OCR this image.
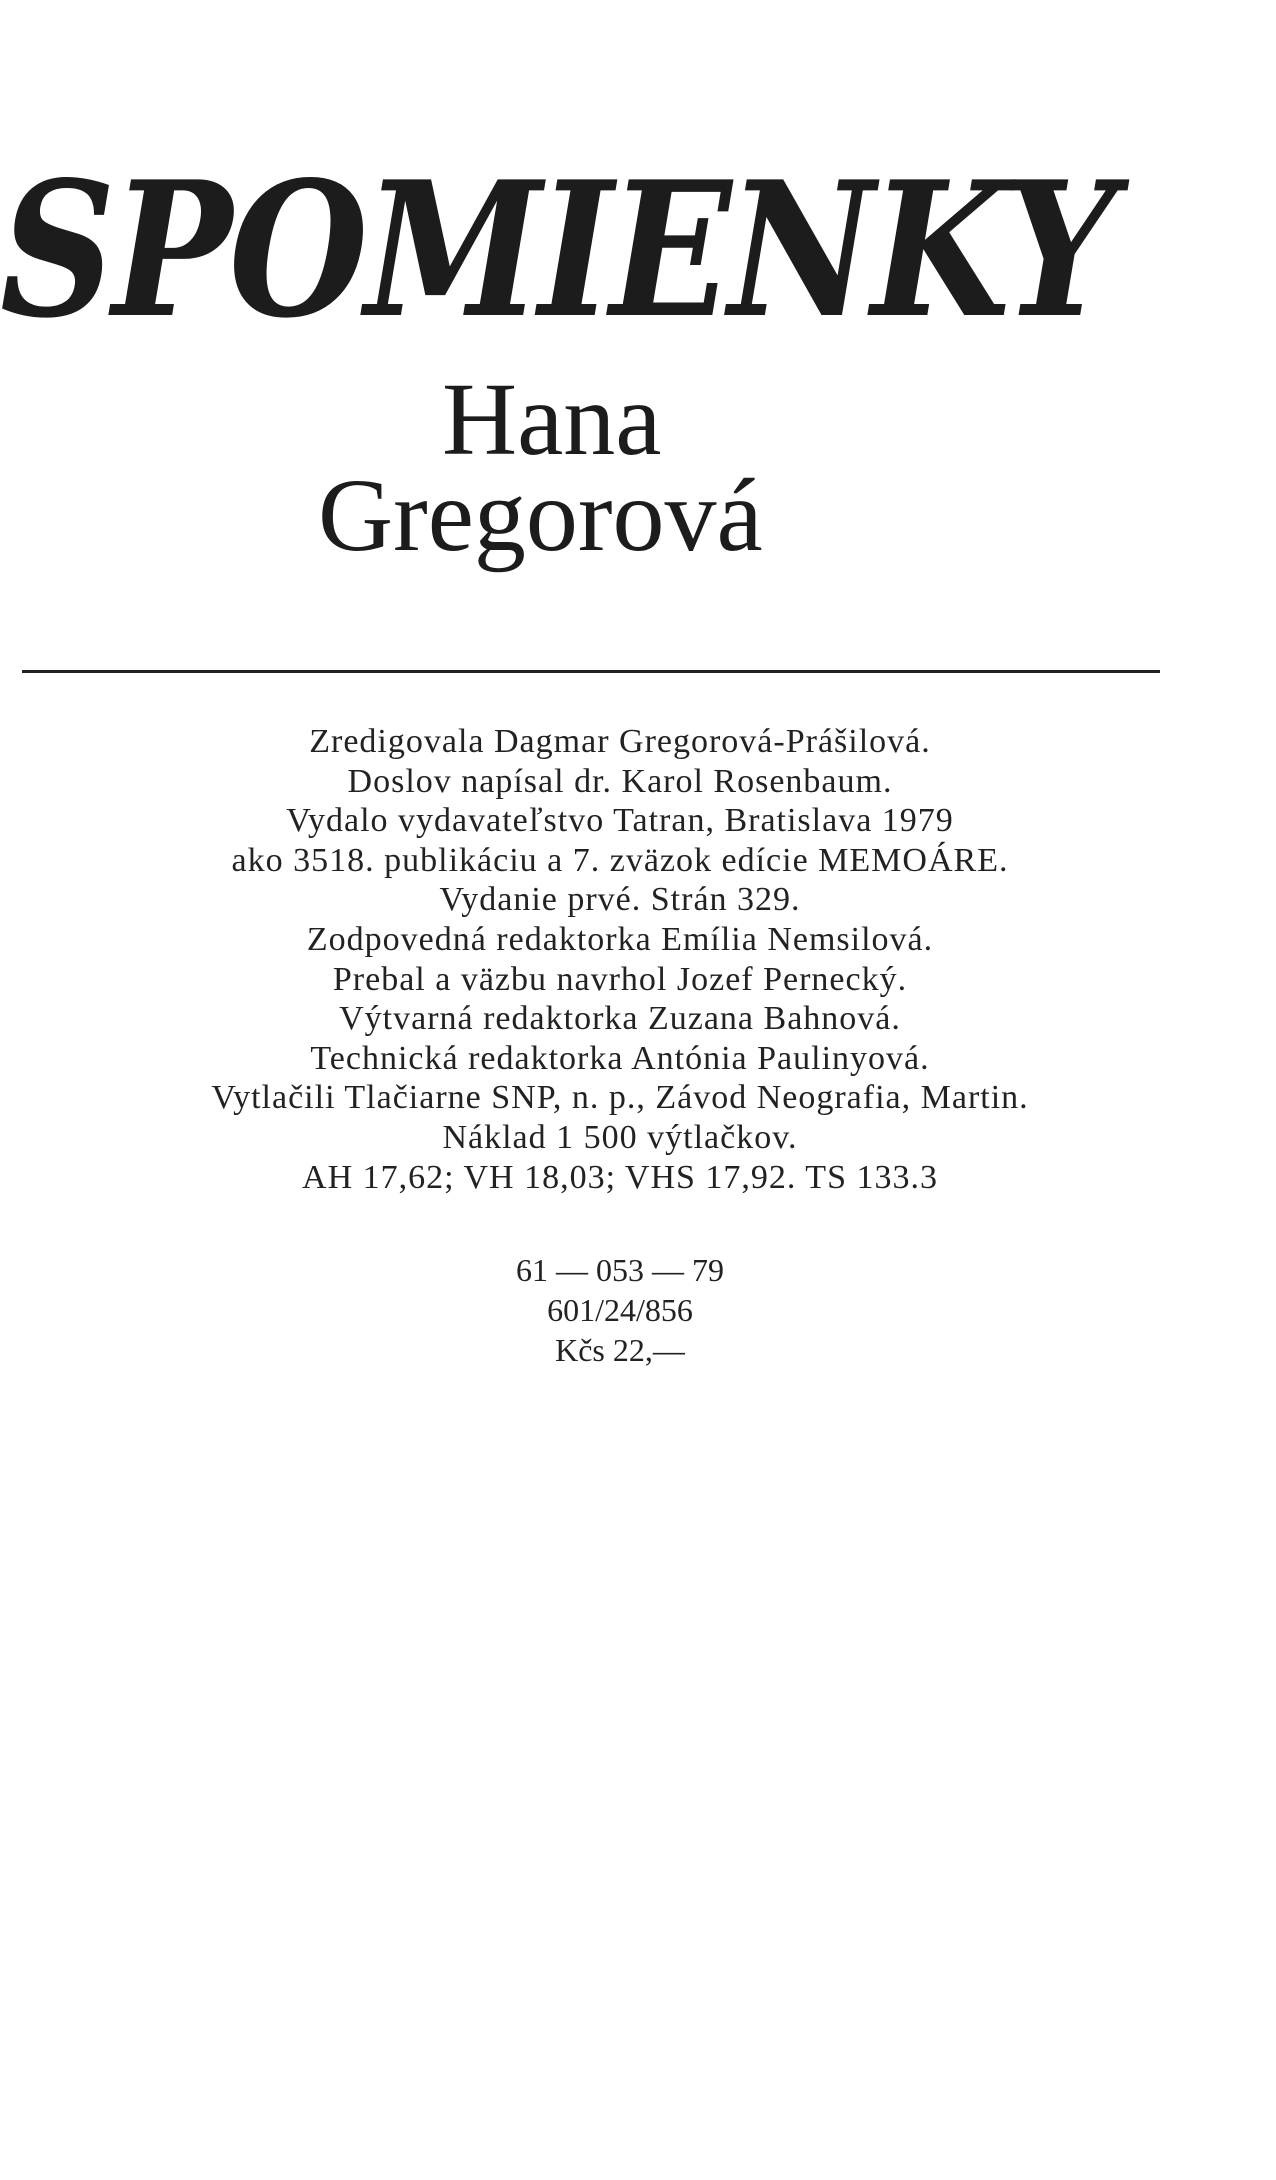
SPOMIENKY
Hana
Gregorová
Zredigovala Dagmar Gregorová-Prášilová.
Doslov napísal dr. Karol Rosenbaum.
Vydalo vydavateľstvo Tatran, Bratislava 1979
ako 3518. publikáciu a 7. zväzok edície MEMOÁRE.
Vydanie prvé. Strán 329.
Zodpovedná redaktorka Emília Nemsilová.
Prebal a väzbu navrhol Jozef Pernecký.
Výtvarná redaktorka Zuzana Bahnová.
Technická redaktorka Antónia Paulinyová.
Vytlačili Tlačiarne SNP, n. p., Závod Neografia, Martin.
Náklad 1 500 výtlačkov.
AH 17,62; VH 18,03; VHS 17,92. TS 133.3
61 — 053 — 79
601/24/856
Kčs 22,—
